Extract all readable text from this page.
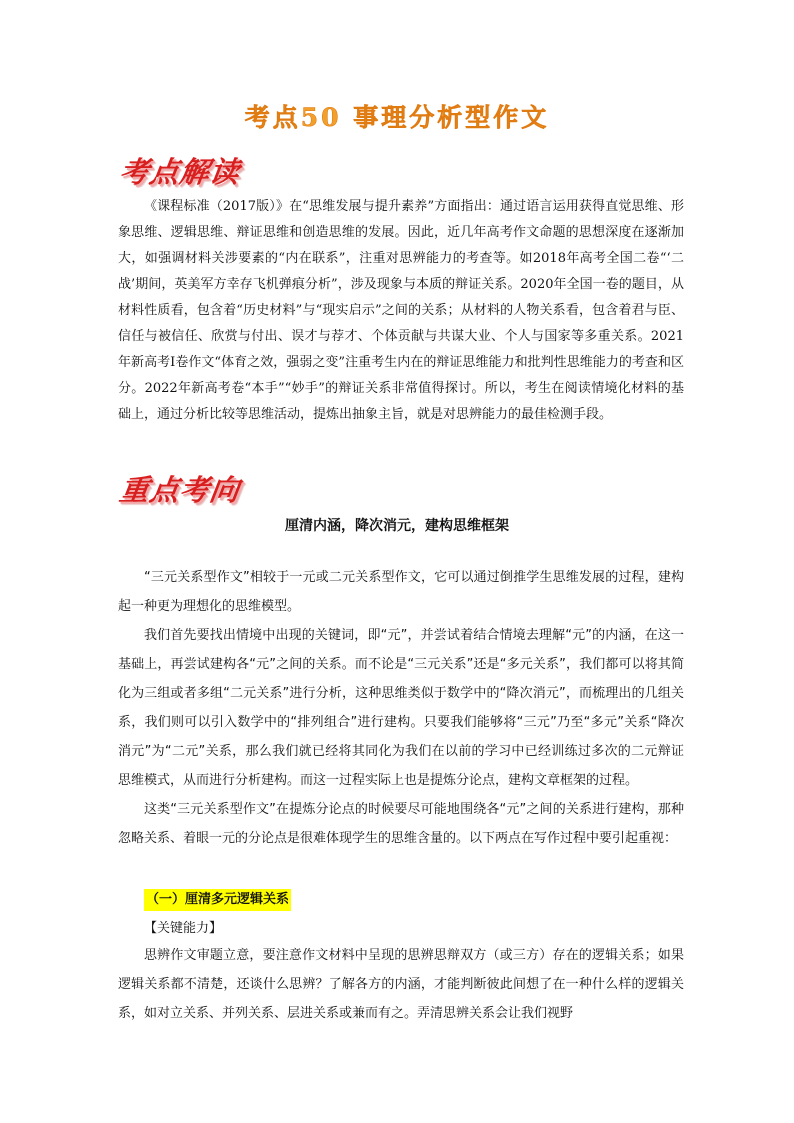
考点50 事理分析型作文
考点解读

《课程标准（2017版）》在“思维发展与提升素养”方面指出：通过语言运用获得直觉思维、形象思维、逻辑思维、辩证思维和创造思维的发展。因此，近几年高考作文命题的思想深度在逐渐加大，如强调材料关涉要素的“内在联系”，注重对思辨能力的考查等。如2018年高考全国二卷“‘二战’期间，英美军方幸存飞机弹痕分析”，涉及现象与本质的辩证关系。2020年全国一卷的题目，从材料性质看，包含着“历史材料”与“现实启示”之间的关系；从材料的人物关系看，包含着君与臣、信任与被信任、欣赏与付出、误才与荐才、个体贡献与共谋大业、个人与国家等多重关系。2021年新高考I卷作文“体育之效，强弱之变”注重考生内在的辩证思维能力和批判性思维能力的考查和区分。2022年新高考卷“本手”“妙手”的辩证关系非常值得探讨。所以，考生在阅读情境化材料的基础上，通过分析比较等思维活动，提炼出抽象主旨，就是对思辨能力的最佳检测手段。

重点考向
厘清内涵，降次消元，建构思维框架

“三元关系型作文”相较于一元或二元关系型作文，它可以通过倒推学生思维发展的过程，建构起一种更为理想化的思维模型。

我们首先要找出情境中出现的关键词，即“元”，并尝试着结合情境去理解“元”的内涵，在这一基础上，再尝试建构各“元”之间的关系。而不论是“三元关系”还是“多元关系”，我们都可以将其简化为三组或者多组“二元关系”进行分析，这种思维类似于数学中的“降次消元”，而梳理出的几组关系，我们则可以引入数学中的“排列组合”进行建构。只要我们能够将“三元”乃至“多元”关系“降次消元”为“二元”关系，那么我们就已经将其同化为我们在以前的学习中已经训练过多次的二元辩证思维模式，从而进行分析建构。而这一过程实际上也是提炼分论点，建构文章框架的过程。

这类“三元关系型作文”在提炼分论点的时候要尽可能地围绕各“元”之间的关系进行建构，那种忽略关系、着眼一元的分论点是很难体现学生的思维含量的。以下两点在写作过程中要引起重视：

（一）厘清多元逻辑关系
【关键能力】

思辨作文审题立意，要注意作文材料中呈现的思辨思辩双方（或三方）存在的逻辑关系；如果逻辑关系都不清楚，还谈什么思辨？了解各方的内涵，才能判断彼此间想了在一种什么样的逻辑关系，如对立关系、并列关系、层进关系或兼而有之。弄清思辨关系会让我们视野
